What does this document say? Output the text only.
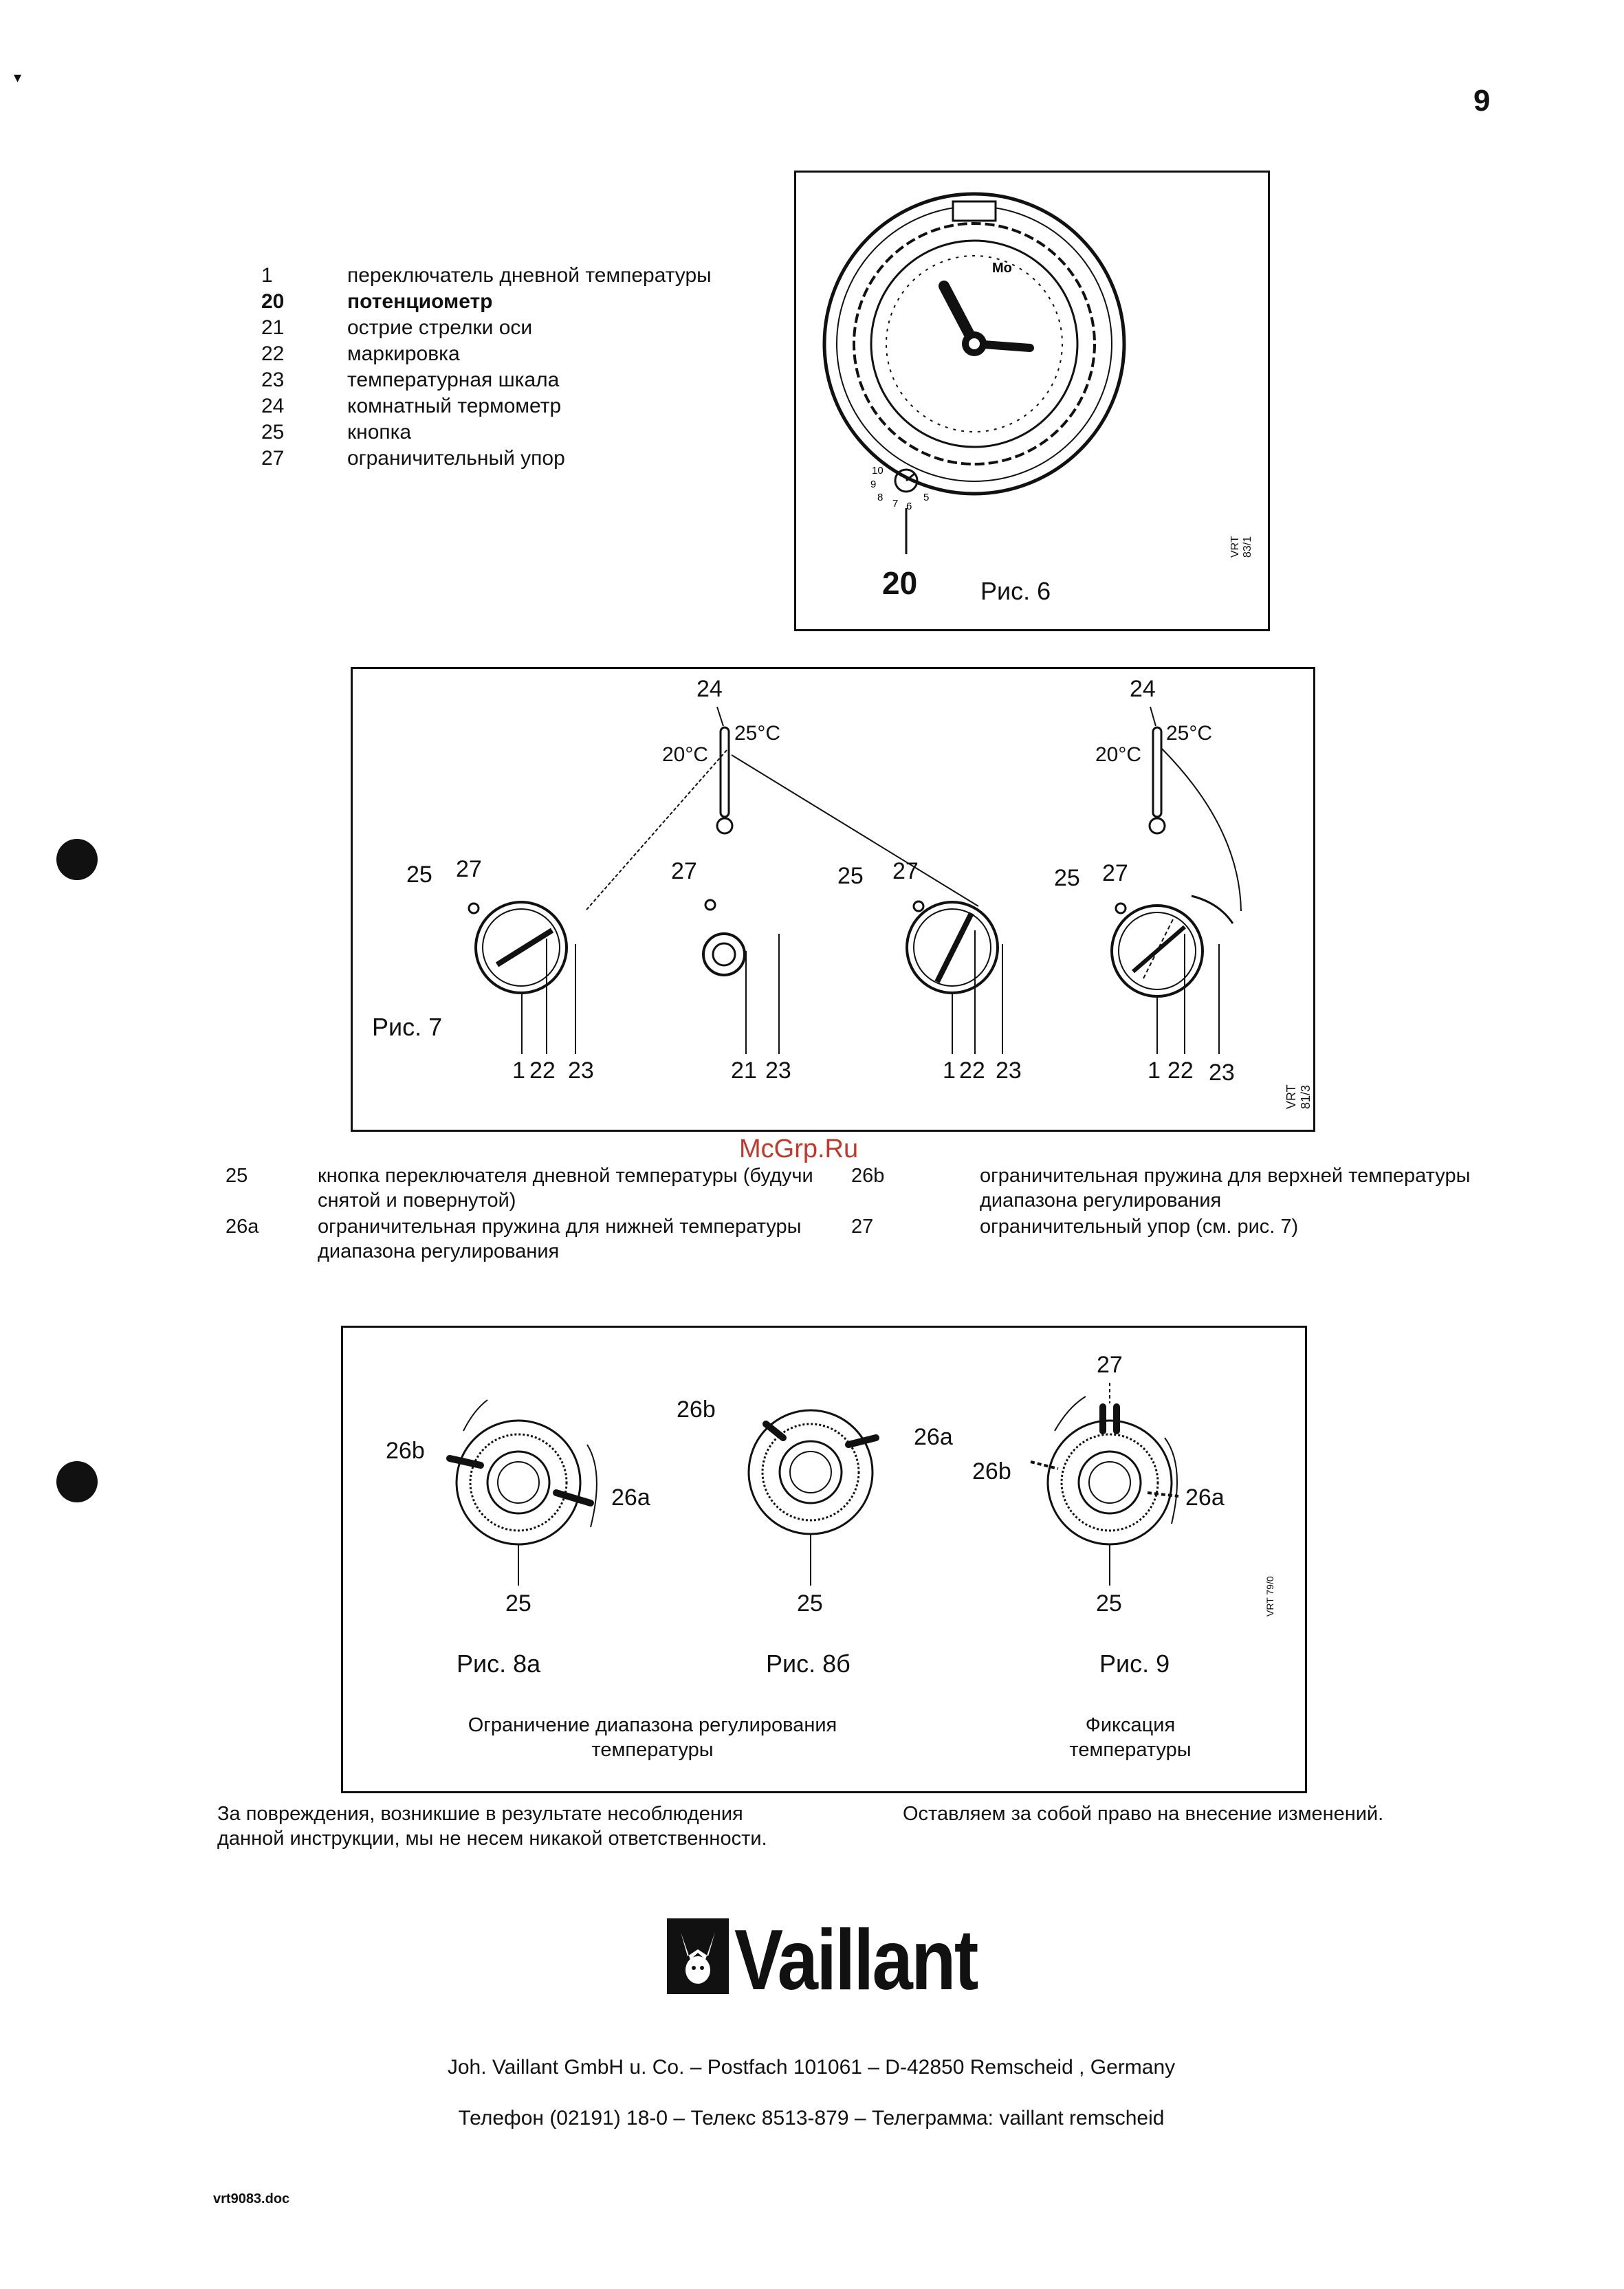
9
▾
1	переключатель дневной температуры
20	потенциометр
21	острие стрелки оси
22	маркировка
23	температурная шкала
24	комнатный термометр
25	кнопка
27	ограничительный упор
Mo
10
9
8
7 6
5
20	Рис. 6
VRT 83/1
24
25°C
20°C
24
25°C
20°C
25 27
1 22 23
Рис. 7
27
21 23
25 27
1 22 23
25 27
1 22 23
VRT 81/3
McGrp.Ru
25	кнопка переключателя дневной температуры (будучи снятой и повернутой)
26a	ограничительная пружина для нижней температуры диапазона регулирования
26b	ограничительная пружина для верхней температуры диапазона регулирования
27	ограничительный упор (см. рис. 7)
26b
26a
25
Рис. 8а
26b
26a
25
Рис. 8б
27
26b
26a
25
Рис. 9
VRT 79/0
Ограничение диапазона регулирования температуры
Фиксация температуры
За повреждения, возникшие в результате несоблюдения данной инструкции, мы не несем никакой ответственности.
Оставляем за собой право на внесение изменений.
Vaillant
Joh. Vaillant GmbH u. Co. – Postfach 101061 – D-42850 Remscheid , Germany
Телефон (02191) 18-0 – Телекс 8513-879 – Телеграмма: vaillant remscheid
vrt9083.doc
